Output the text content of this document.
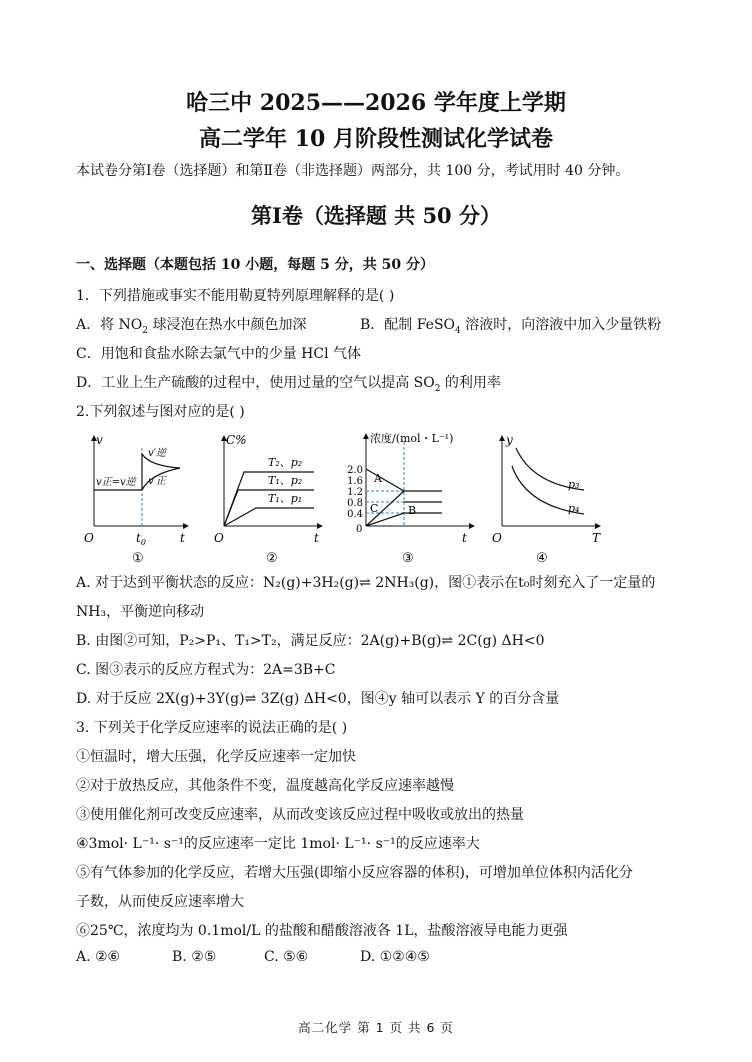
哈三中 2025——2026 学年度上学期
高二学年 10 月阶段性测试化学试卷
本试卷分第Ⅰ卷（选择题）和第Ⅱ卷（非选择题）两部分，共 100 分，考试用时 40 分钟。
第Ⅰ卷（选择题 共 50 分）
一、选择题（本题包括 10 小题，每题 5 分，共 50 分）
1．下列措施或事实不能用勒夏特列原理解释的是( )
A．将 $NO_2$ 球浸泡在热水中颜色加深	B．配制 FeSO$_4$ 溶液时，向溶液中加入少量铁粉
C．用饱和食盐水除去氯气中的少量 HCl 气体
D．工业上生产硫酸的过程中，使用过量的空气以提高 $SO_2$ 的利用率
2.下列叙述与图对应的是( )
v
O	t
$t_0$
v正=v逆
v′逆
v′正
①
C%
O	t
T₂、p₂
T₁、p₂
T₁、p₁
②
浓度/(mol・L⁻¹)
0
t
2.0
1.6
1.2
0.8
0.4
A
B
C
③
y
O	T
p₃
p₄
④
A. 对于达到平衡状态的反应：N₂(g)+3H₂(g)⇌ 2NH₃(g)，图①表示在t₀时刻充入了一定量的
NH₃，平衡逆向移动
B. 由图②可知，P₂>P₁、T₁>T₂，满足反应：2A(g)+B(g)⇌ 2C(g) ΔH<0
C. 图③表示的反应方程式为：2A=3B+C
D. 对于反应 2X(g)+3Y(g)⇌ 3Z(g) ΔH<0，图④y 轴可以表示 Y 的百分含量
3. 下列关于化学反应速率的说法正确的是( )
①恒温时，增大压强，化学反应速率一定加快
②对于放热反应，其他条件不变，温度越高化学反应速率越慢
③使用催化剂可改变反应速率，从而改变该反应过程中吸收或放出的热量
④3mol· L⁻¹· s⁻¹的反应速率一定比 1mol· L⁻¹· s⁻¹的反应速率大
⑤有气体参加的化学反应，若增大压强(即缩小反应容器的体积)，可增加单位体积内活化分
子数，从而使反应速率增大
⑥25℃，浓度均为 0.1mol/L 的盐酸和醋酸溶液各 1L，盐酸溶液导电能力更强
A. ②⑥	B. ②⑤	C. ⑤⑥	D. ①②④⑤
高二化学 第 1 页 共 6 页
